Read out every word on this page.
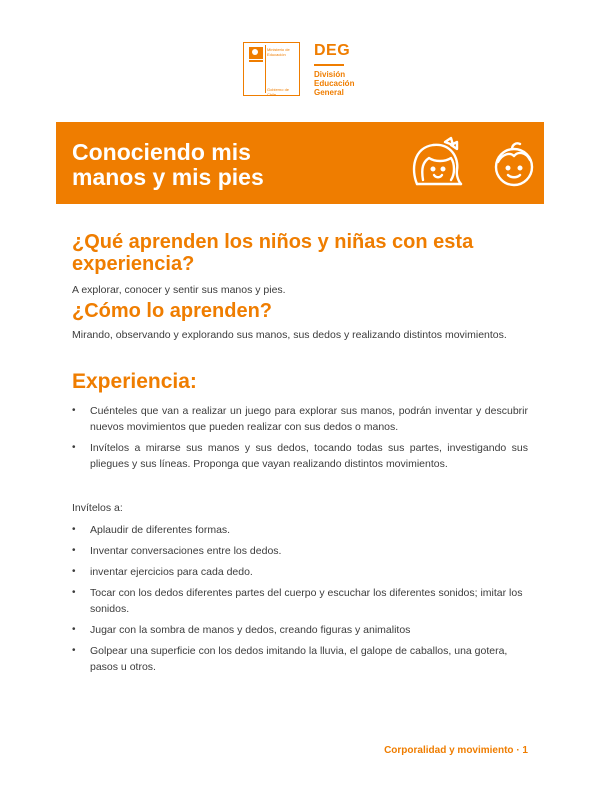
Ministerio de Educación
Gobierno de Chile
DEG
División
Educación
General
Conociendo mis
manos y mis pies
¿Qué aprenden los niños y niñas con esta experiencia?

A explorar, conocer y sentir sus manos y pies.

¿Cómo lo aprenden?

Mirando, observando y explorando sus manos, sus dedos y realizando distintos movimientos.

Experiencia:
• Cuénteles que van a realizar un juego para explorar sus manos, podrán inventar y descubrir nuevos movimientos que pueden realizar con sus dedos o manos.
• Invítelos a mirarse sus manos y sus dedos, tocando todas sus partes, investigando sus pliegues y sus líneas. Proponga que vayan realizando distintos movimientos.
Invítelos a:
• Aplaudir de diferentes formas.
• Inventar conversaciones entre los dedos.
• inventar ejercicios para cada dedo.
• Tocar con los dedos diferentes partes del cuerpo y escuchar los diferentes sonidos; imitar los sonidos.
• Jugar con la sombra de manos y dedos, creando figuras y animalitos
• Golpear una superficie con los dedos imitando la lluvia, el galope de caballos, una gotera, pasos u otros.
Corporalidad y movimiento · 1
